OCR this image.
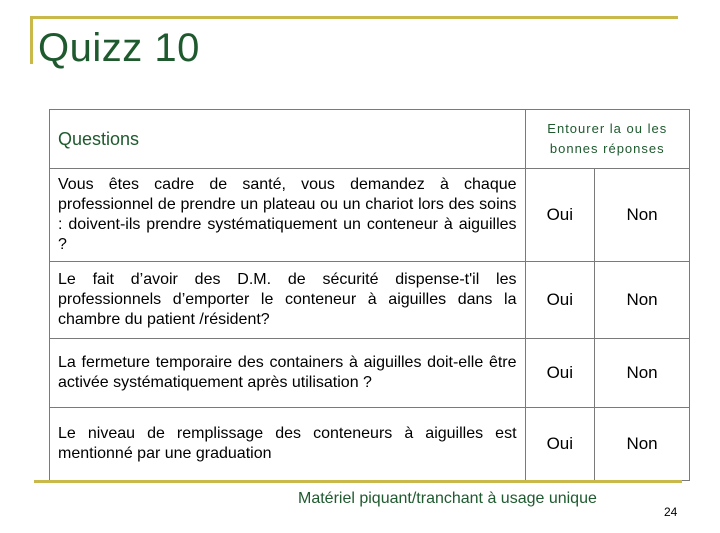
Quizz 10
Questions	Entourer la ou les bonnes réponses	
Vous êtes cadre de santé, vous demandez à chaque professionnel de prendre un plateau ou un chariot lors des soins : doivent-ils prendre systématiquement un conteneur à aiguilles ?	Oui	Non
Le fait d’avoir des D.M. de sécurité dispense-t'il les professionnels d’emporter le conteneur à aiguilles dans la chambre du patient /résident?	Oui	Non
La fermeture temporaire des containers à aiguilles doit-elle être activée systématiquement après utilisation ?	Oui	Non
Le niveau de remplissage des conteneurs à aiguilles est mentionné par une graduation	Oui	Non
Matériel piquant/tranchant à usage unique
24
